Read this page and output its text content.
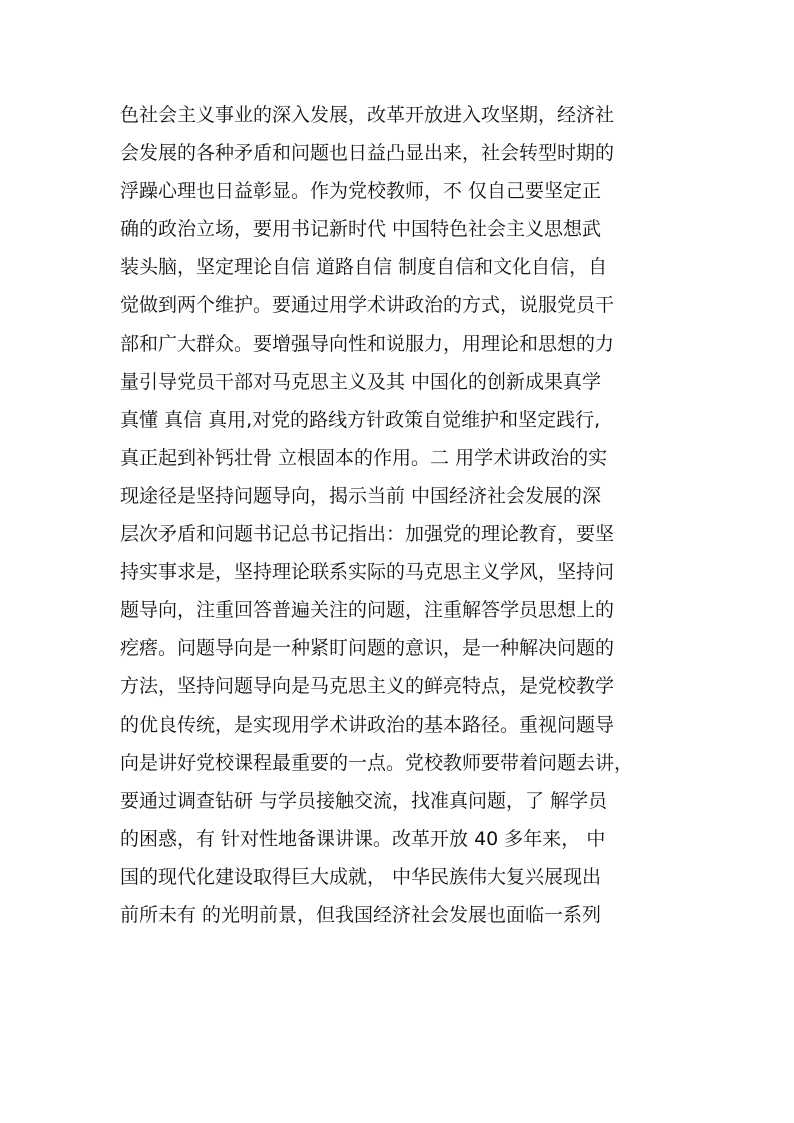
色社会主义事业的深入发展，改革开放进入攻坚期，经济社
会发展的各种矛盾和问题也日益凸显出来，社会转型时期的
浮躁心理也日益彰显。作为党校教师，不 仅自己要坚定正
确的政治立场，要用书记新时代 中国特色社会主义思想武
装头脑，坚定理论自信 道路自信 制度自信和文化自信，自
觉做到两个维护。要通过用学术讲政治的方式，说服党员干
部和广大群众。要增强导向性和说服力，用理论和思想的力
量引导党员干部对马克思主义及其 中国化的创新成果真学
真懂 真信 真用,对党的路线方针政策自觉维护和坚定践行,
真正起到补钙壮骨 立根固本的作用。二 用学术讲政治的实
现途径是坚持问题导向，揭示当前 中国经济社会发展的深
层次矛盾和问题书记总书记指出：加强党的理论教育，要坚
持实事求是，坚持理论联系实际的马克思主义学风，坚持问
题导向，注重回答普遍关注的问题，注重解答学员思想上的
疙瘩。问题导向是一种紧盯问题的意识，是一种解决问题的
方法，坚持问题导向是马克思主义的鲜亮特点，是党校教学
的优良传统，是实现用学术讲政治的基本路径。重视问题导
向是讲好党校课程最重要的一点。党校教师要带着问题去讲，
要通过调查钻研 与学员接触交流，找准真问题，了 解学员
的困惑，有 针对性地备课讲课。改革开放 40 多年来， 中
国的现代化建设取得巨大成就， 中华民族伟大复兴展现出
前所未有 的光明前景，但我国经济社会发展也面临一系列
